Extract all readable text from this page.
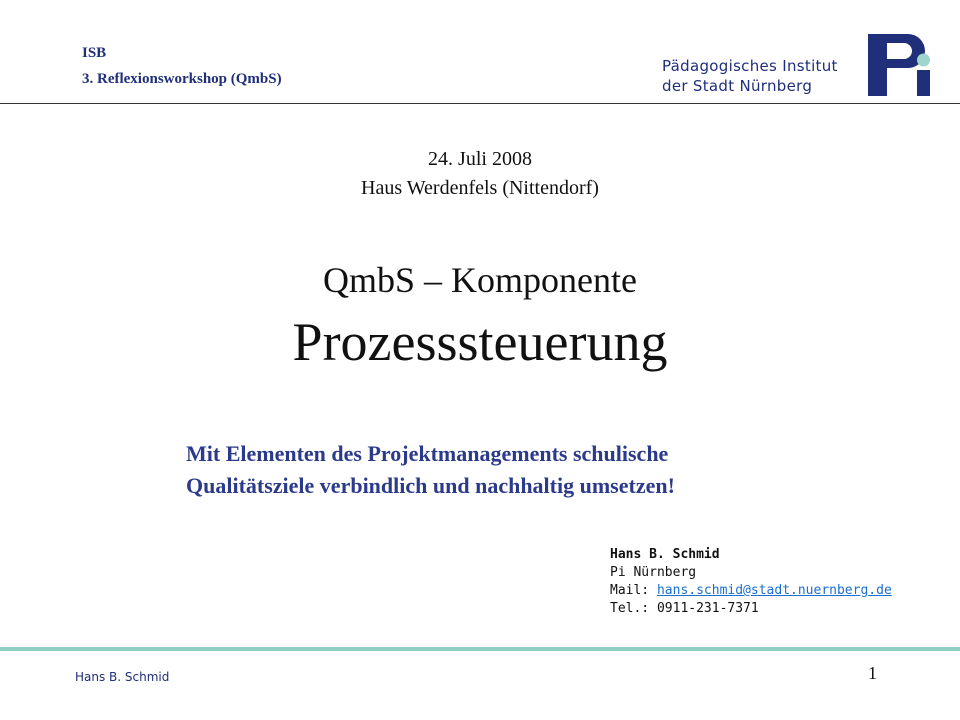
ISB
3. Reflexionsworkshop (QmbS)
Pädagogisches Institut
der Stadt Nürnberg
24. Juli 2008
Haus Werdenfels (Nittendorf)
QmbS – Komponente
Prozesssteuerung
Mit Elementen des Projektmanagements schulische
Qualitätsziele verbindlich und nachhaltig umsetzen!
Hans B. Schmid
Pi Nürnberg
Mail: hans.schmid@stadt.nuernberg.de
Tel.: 0911-231-7371
Hans B. Schmid	1
